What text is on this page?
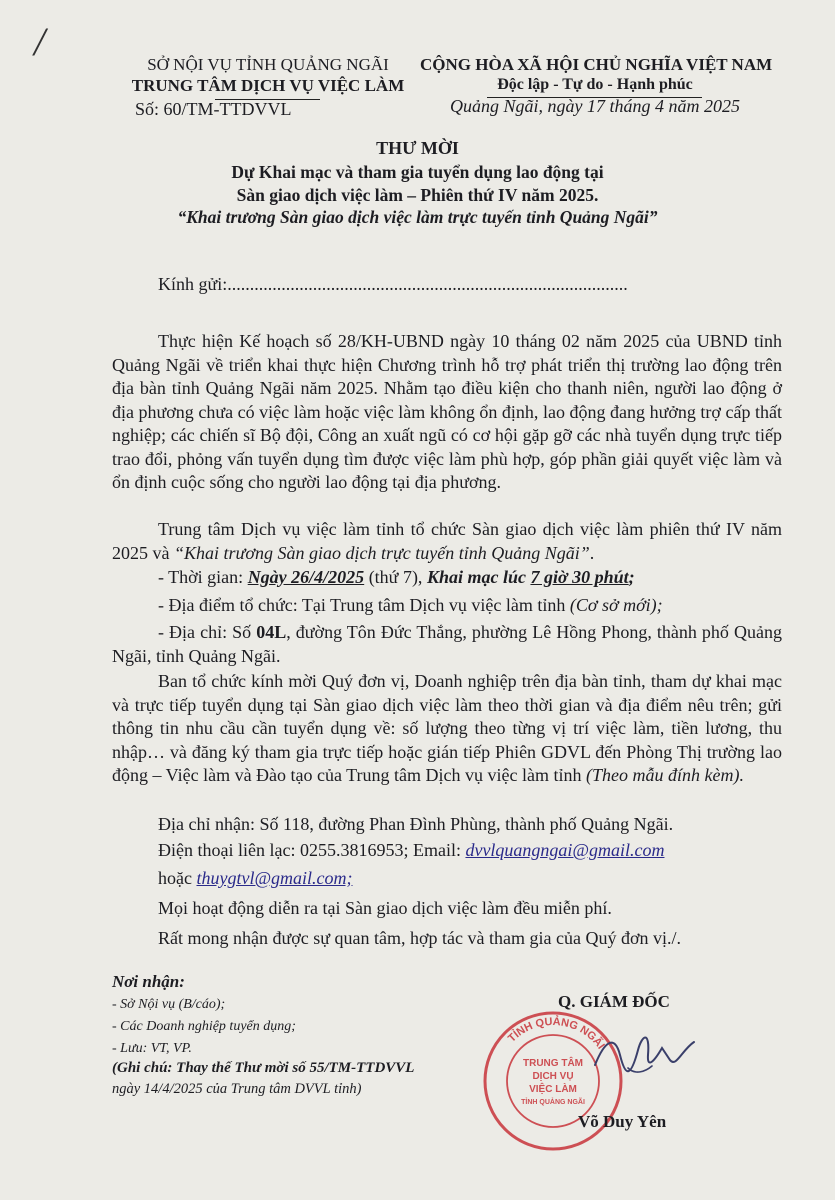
/
SỞ NỘI VỤ TỈNH QUẢNG NGÃI
TRUNG TÂM DỊCH VỤ VIỆC LÀM
Số: 60/TM-TTDVVL
CỘNG HÒA XÃ HỘI CHỦ NGHĨA VIỆT NAM
Độc lập - Tự do - Hạnh phúc
Quảng Ngãi, ngày 17 tháng 4 năm 2025
THƯ MỜI
Dự Khai mạc và tham gia tuyển dụng lao động tại
Sàn giao dịch việc làm – Phiên thứ IV năm 2025.
“Khai trương Sàn giao dịch việc làm trực tuyến tỉnh Quảng Ngãi”
Kính gửi:.........................................................................................
Thực hiện Kế hoạch số 28/KH-UBND ngày 10 tháng 02 năm 2025 của UBND tỉnh Quảng Ngãi về triển khai thực hiện Chương trình hỗ trợ phát triển thị trường lao động trên địa bàn tỉnh Quảng Ngãi năm 2025. Nhằm tạo điều kiện cho thanh niên, người lao động ở địa phương chưa có việc làm hoặc việc làm không ổn định, lao động đang hưởng trợ cấp thất nghiệp; các chiến sĩ Bộ đội, Công an xuất ngũ có cơ hội gặp gỡ các nhà tuyển dụng trực tiếp trao đổi, phỏng vấn tuyển dụng tìm được việc làm phù hợp, góp phần giải quyết việc làm và ổn định cuộc sống cho người lao động tại địa phương.
Trung tâm Dịch vụ việc làm tỉnh tổ chức Sàn giao dịch việc làm phiên thứ IV năm 2025 và “Khai trương Sàn giao dịch trực tuyến tỉnh Quảng Ngãi”.
- Thời gian: Ngày 26/4/2025 (thứ 7), Khai mạc lúc 7 giờ 30 phút;
- Địa điểm tổ chức: Tại Trung tâm Dịch vụ việc làm tỉnh (Cơ sở mới);
- Địa chỉ: Số 04L, đường Tôn Đức Thắng, phường Lê Hồng Phong, thành phố Quảng Ngãi, tỉnh Quảng Ngãi.
Ban tổ chức kính mời Quý đơn vị, Doanh nghiệp trên địa bàn tỉnh, tham dự khai mạc và trực tiếp tuyển dụng tại Sàn giao dịch việc làm theo thời gian và địa điểm nêu trên; gửi thông tin nhu cầu cần tuyển dụng về: số lượng theo từng vị trí việc làm, tiền lương, thu nhập… và đăng ký tham gia trực tiếp hoặc gián tiếp Phiên GDVL đến Phòng Thị trường lao động – Việc làm và Đào tạo của Trung tâm Dịch vụ việc làm tỉnh (Theo mẫu đính kèm).
Địa chỉ nhận: Số 118, đường Phan Đình Phùng, thành phố Quảng Ngãi.
Điện thoại liên lạc: 0255.3816953; Email: dvvlquangngai@gmail.com
hoặc thuygtvl@gmail.com;
Mọi hoạt động diễn ra tại Sàn giao dịch việc làm đều miễn phí.
Rất mong nhận được sự quan tâm, hợp tác và tham gia của Quý đơn vị./.
Nơi nhận:
- Sở Nội vụ (B/cáo);
- Các Doanh nghiệp tuyển dụng;
- Lưu: VT, VP.
(Ghi chú: Thay thế Thư mời số 55/TM-TTDVVL
ngày 14/4/2025 của Trung tâm DVVL tỉnh)
Q. GIÁM ĐỐC
TỈNH QUẢNG NGÃI
TRUNG TÂM
DỊCH VỤ
VIỆC LÀM
TỈNH QUẢNG NGÃI
Võ Duy Yên
